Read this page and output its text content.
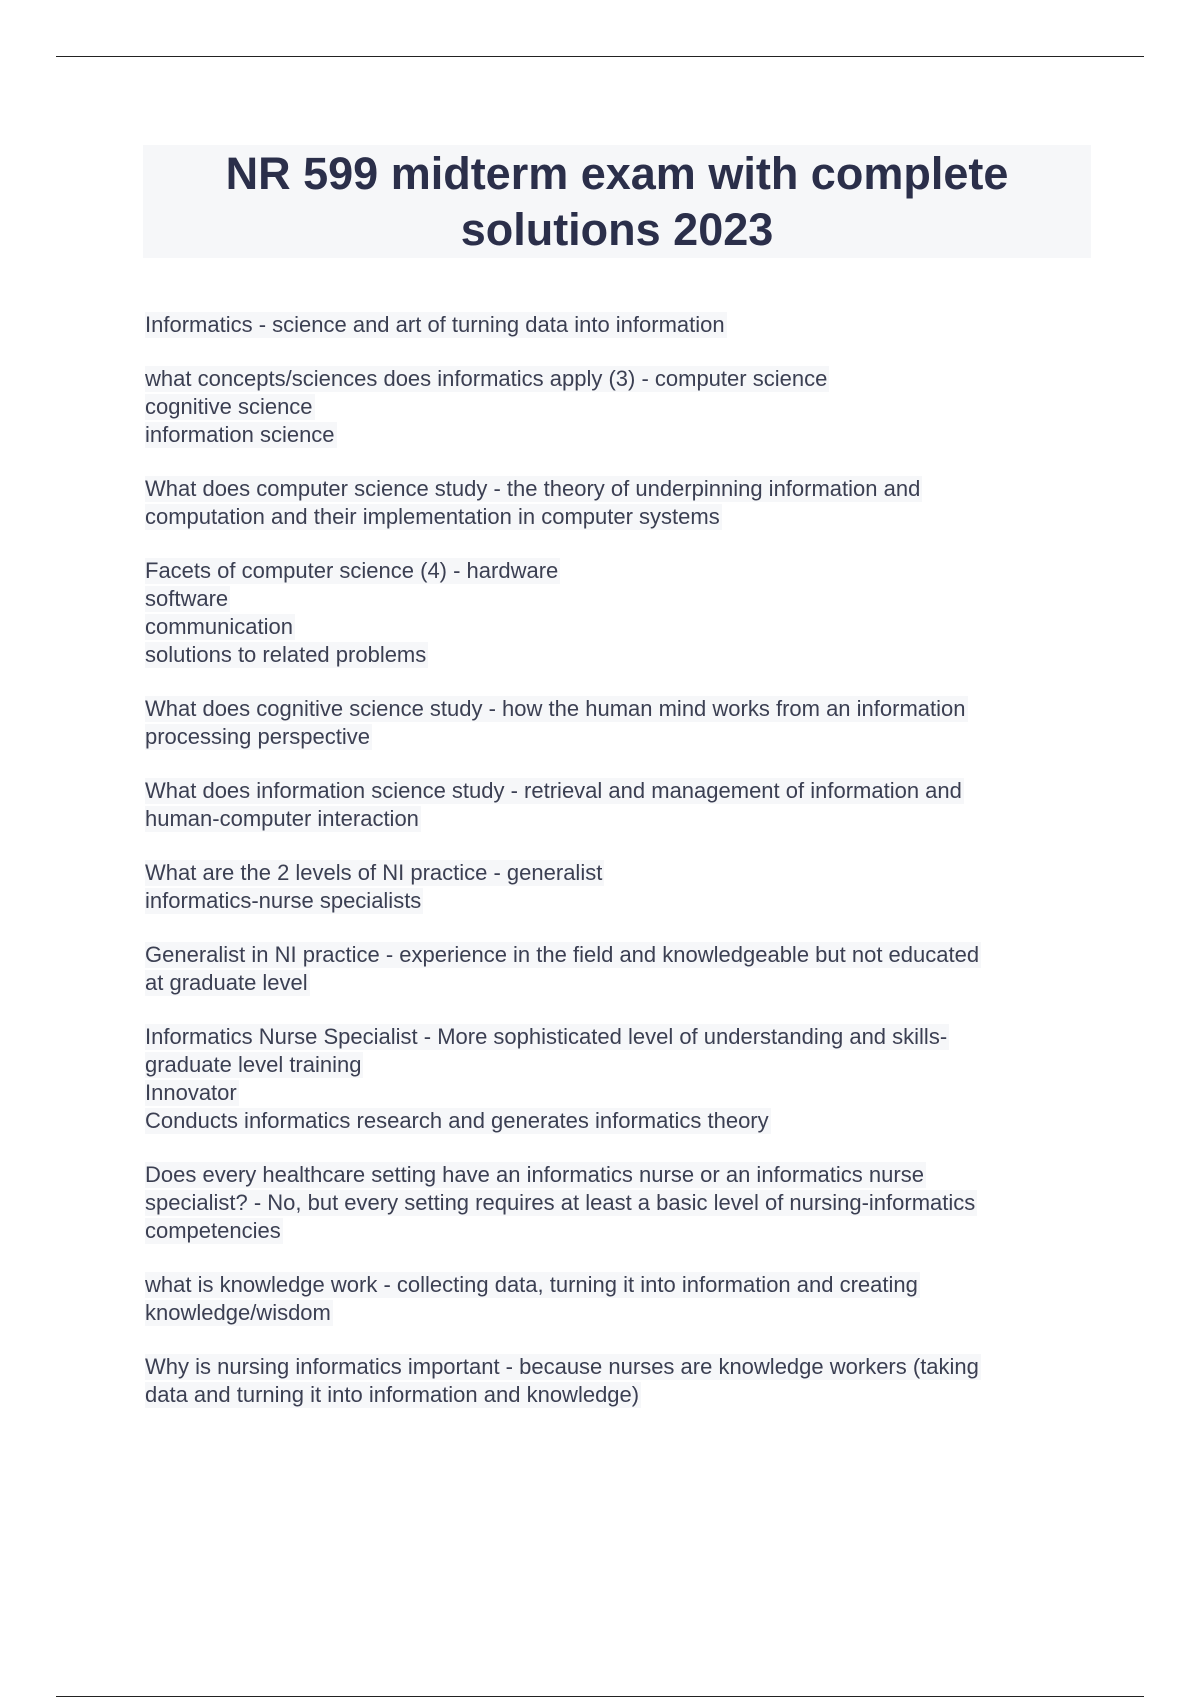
NR 599 midterm exam with complete solutions 2023

Informatics - science and art of turning data into information

what concepts/sciences does informatics apply (3) - computer science
cognitive science
information science

What does computer science study - the theory of underpinning information and
computation and their implementation in computer systems

Facets of computer science (4) - hardware
software
communication
solutions to related problems

What does cognitive science study - how the human mind works from an information
processing perspective

What does information science study - retrieval and management of information and
human-computer interaction

What are the 2 levels of NI practice - generalist
informatics-nurse specialists

Generalist in NI practice - experience in the field and knowledgeable but not educated
at graduate level

Informatics Nurse Specialist - More sophisticated level of understanding and skills-
graduate level training
Innovator
Conducts informatics research and generates informatics theory

Does every healthcare setting have an informatics nurse or an informatics nurse
specialist? - No, but every setting requires at least a basic level of nursing-informatics
competencies

what is knowledge work - collecting data, turning it into information and creating
knowledge/wisdom

Why is nursing informatics important - because nurses are knowledge workers (taking
data and turning it into information and knowledge)
